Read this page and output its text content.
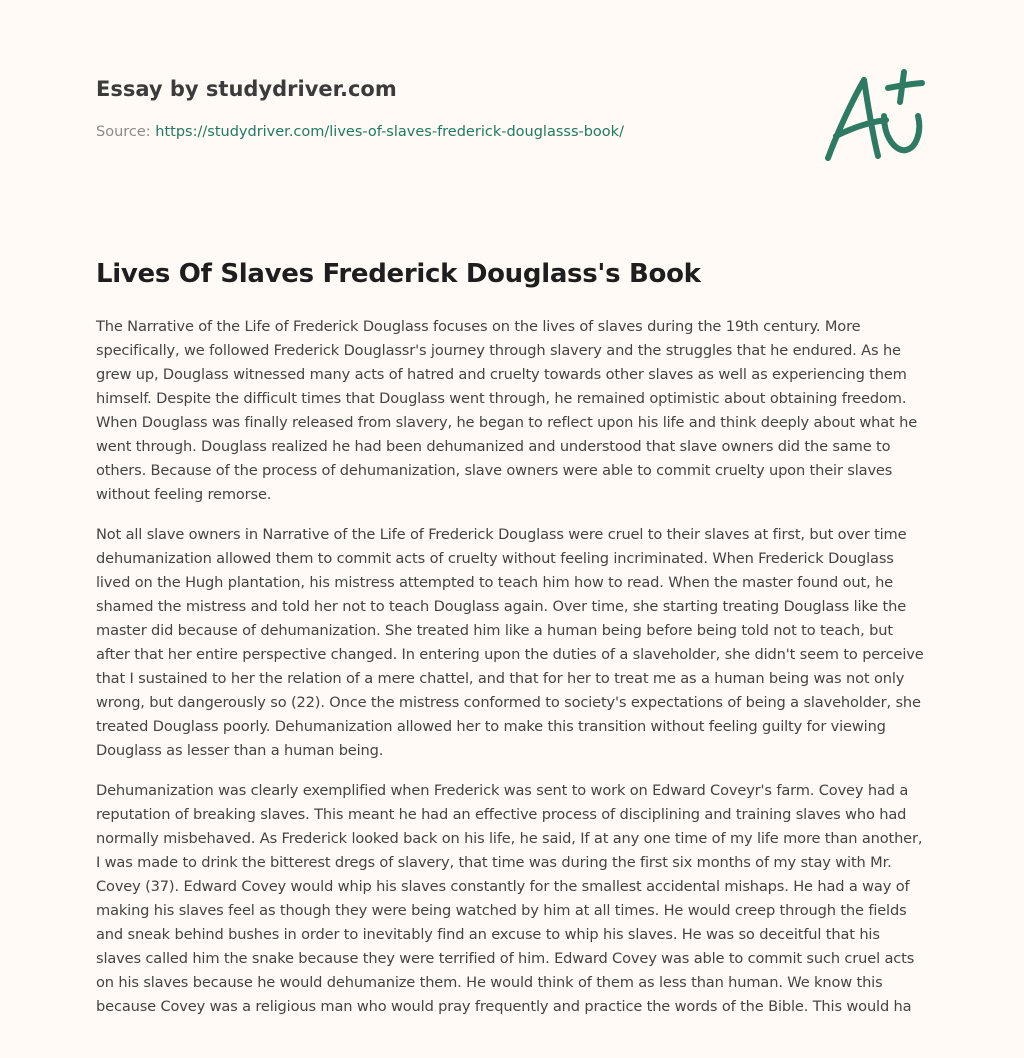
Essay by studydriver.com
Source: https://studydriver.com/lives-of-slaves-frederick-douglasss-book/
Lives Of Slaves Frederick Douglass's Book

The Narrative of the Life of Frederick Douglass focuses on the lives of slaves during the 19th century. More specifically, we followed Frederick Douglassr's journey through slavery and the struggles that he endured. As he grew up, Douglass witnessed many acts of hatred and cruelty towards other slaves as well as experiencing them himself. Despite the difficult times that Douglass went through, he remained optimistic about obtaining freedom. When Douglass was finally released from slavery, he began to reflect upon his life and think deeply about what he went through. Douglass realized he had been dehumanized and understood that slave owners did the same to others. Because of the process of dehumanization, slave owners were able to commit cruelty upon their slaves without feeling remorse.

Not all slave owners in Narrative of the Life of Frederick Douglass were cruel to their slaves at first, but over time dehumanization allowed them to commit acts of cruelty without feeling incriminated. When Frederick Douglass lived on the Hugh plantation, his mistress attempted to teach him how to read. When the master found out, he shamed the mistress and told her not to teach Douglass again. Over time, she starting treating Douglass like the master did because of dehumanization. She treated him like a human being before being told not to teach, but after that her entire perspective changed. In entering upon the duties of a slaveholder, she didn't seem to perceive that I sustained to her the relation of a mere chattel, and that for her to treat me as a human being was not only wrong, but dangerously so (22). Once the mistress conformed to society's expectations of being a slaveholder, she treated Douglass poorly. Dehumanization allowed her to make this transition without feeling guilty for viewing Douglass as lesser than a human being.

Dehumanization was clearly exemplified when Frederick was sent to work on Edward Coveyr's farm. Covey had a reputation of breaking slaves. This meant he had an effective process of disciplining and training slaves who had normally misbehaved. As Frederick looked back on his life, he said, If at any one time of my life more than another, I was made to drink the bitterest dregs of slavery, that time was during the first six months of my stay with Mr. Covey (37). Edward Covey would whip his slaves constantly for the smallest accidental mishaps. He had a way of making his slaves feel as though they were being watched by him at all times. He would creep through the fields and sneak behind bushes in order to inevitably find an excuse to whip his slaves. He was so deceitful that his slaves called him the snake because they were terrified of him. Edward Covey was able to commit such cruel acts on his slaves because he would dehumanize them. He would think of them as less than human. We know this because Covey was a religious man who would pray frequently and practice the words of the Bible. This would ha
